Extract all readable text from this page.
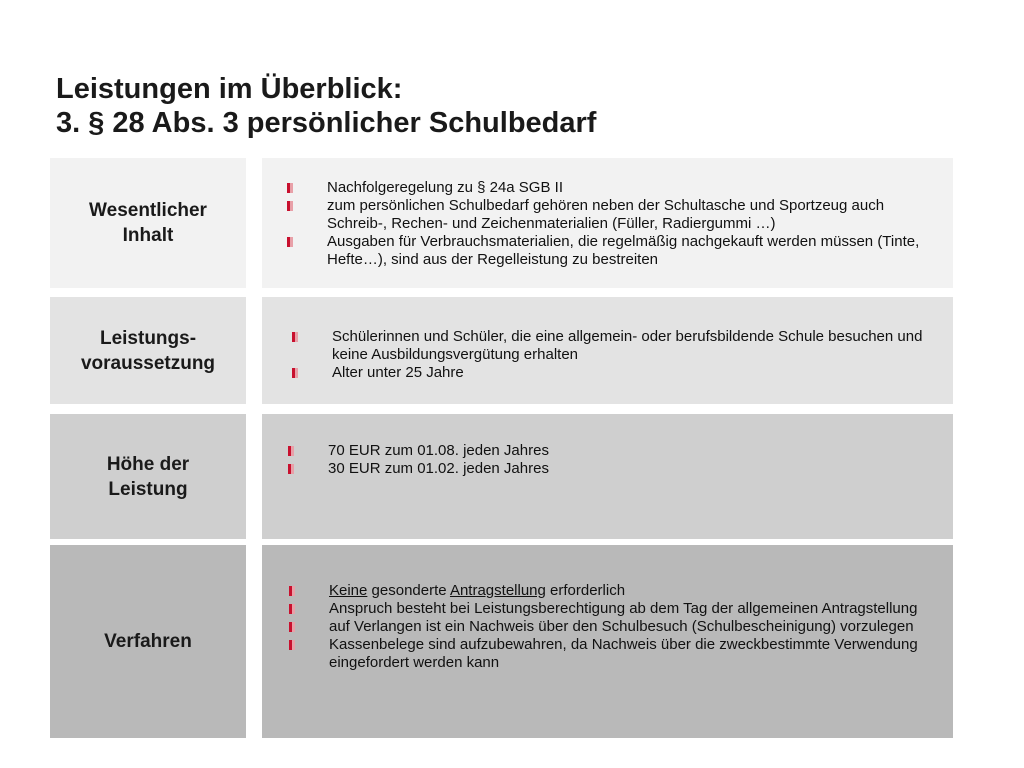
Leistungen im Überblick:
3. § 28 Abs. 3 persönlicher Schulbedarf
Wesentlicher
Inhalt
Nachfolgeregelung zu § 24a SGB II
zum persönlichen Schulbedarf gehören neben der Schultasche und Sportzeug auch Schreib-, Rechen- und Zeichenmaterialien (Füller, Radiergummi …)
Ausgaben für Verbrauchsmaterialien, die regelmäßig nachgekauft werden müssen (Tinte, Hefte…), sind aus der Regelleistung zu bestreiten
Leistungs-
voraussetzung
Schülerinnen und Schüler, die eine allgemein- oder berufsbildende Schule besuchen und keine Ausbildungsvergütung erhalten
Alter unter 25 Jahre
Höhe der
Leistung
70 EUR zum 01.08. jeden Jahres
30 EUR zum 01.02. jeden Jahres
Verfahren
Keine gesonderte Antragstellung erforderlich
Anspruch besteht bei Leistungsberechtigung ab dem Tag der allgemeinen Antragstellung
auf Verlangen ist ein Nachweis über den Schulbesuch (Schulbescheinigung) vorzulegen
Kassenbelege sind aufzubewahren, da Nachweis über die zweckbestimmte Verwendung eingefordert werden kann
